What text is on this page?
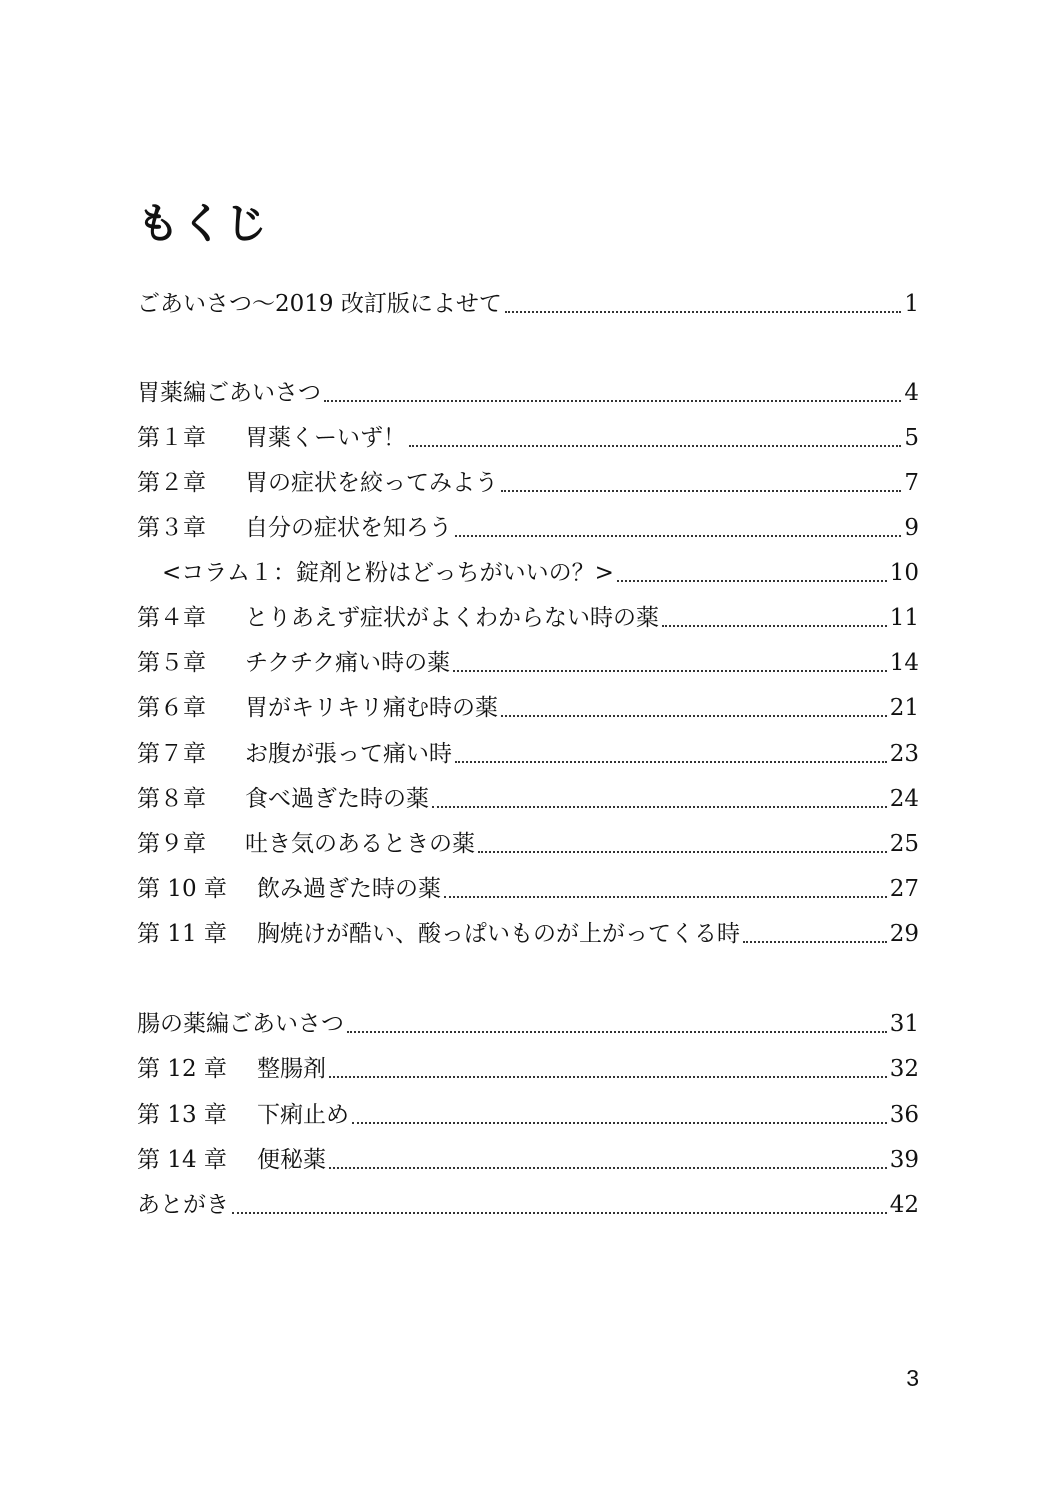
もくじ
ごあいさつ～2019 改訂版によせて	1
胃薬編ごあいさつ	4
第１章	胃薬くーいず！	5
第２章	胃の症状を絞ってみよう	7
第３章	自分の症状を知ろう	9
<コラム１：錠剤と粉はどっちがいいの？>	10
第４章	とりあえず症状がよくわからない時の薬	11
第５章	チクチク痛い時の薬	14
第６章	胃がキリキリ痛む時の薬	21
第７章	お腹が張って痛い時	23
第８章	食べ過ぎた時の薬	24
第９章	吐き気のあるときの薬	25
第 10 章	飲み過ぎた時の薬	27
第 11 章	胸焼けが酷い、酸っぱいものが上がってくる時	29
腸の薬編ごあいさつ	31
第 12 章	整腸剤	32
第 13 章	下痢止め	36
第 14 章	便秘薬	39
あとがき	42
3
